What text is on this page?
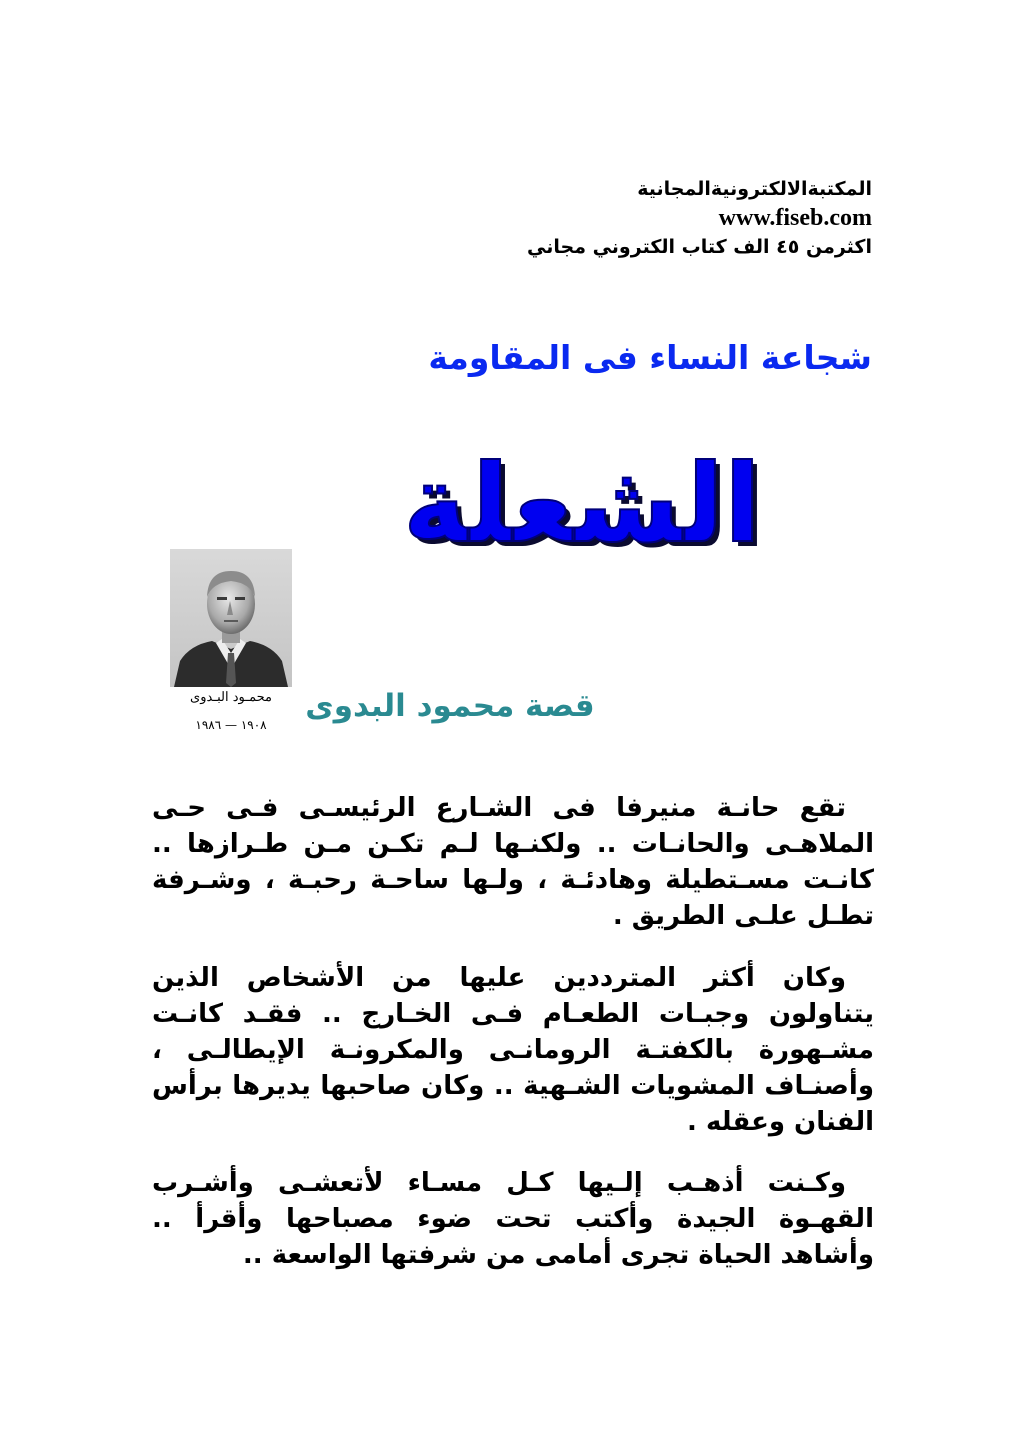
المكتبةالالكترونيةالمجانية
www.fiseb.com
اكثرمن ٤٥ الف كتاب الكتروني مجاني
شجاعة النساء فى المقاومة
الشعلة
محمـود البـدوى
١٩٠٨ — ١٩٨٦
قصة محمود البدوى

تقع حانـة منيرفا فى الشـارع الرئيسـى فـى حـى الملاهـى والحانـات .. ولكنـها لـم تكـن مـن طـرازها .. كانـت مسـتطيلة وهادئـة ، ولـها ساحـة رحبـة ، وشـرفة تطـل علـى الطريق .

وكان أكثر المترددين عليها من الأشخاص الذين يتناولون وجبـات الطعـام فـى الخـارج .. فقـد كانـت مشـهورة بالكفتـة الرومانـى والمكرونـة الإيطالـى ، وأصنـاف المشويات الشـهية .. وكان صاحبها يديرها برأس الفنان وعقله .

وكـنت أذهـب إلـيها كـل مسـاء لأتعشـى وأشـرب القهـوة الجيدة وأكتب تحت ضوء مصباحها وأقرأ .. وأشاهد الحياة تجرى أمامى من شرفتها الواسعة ..
